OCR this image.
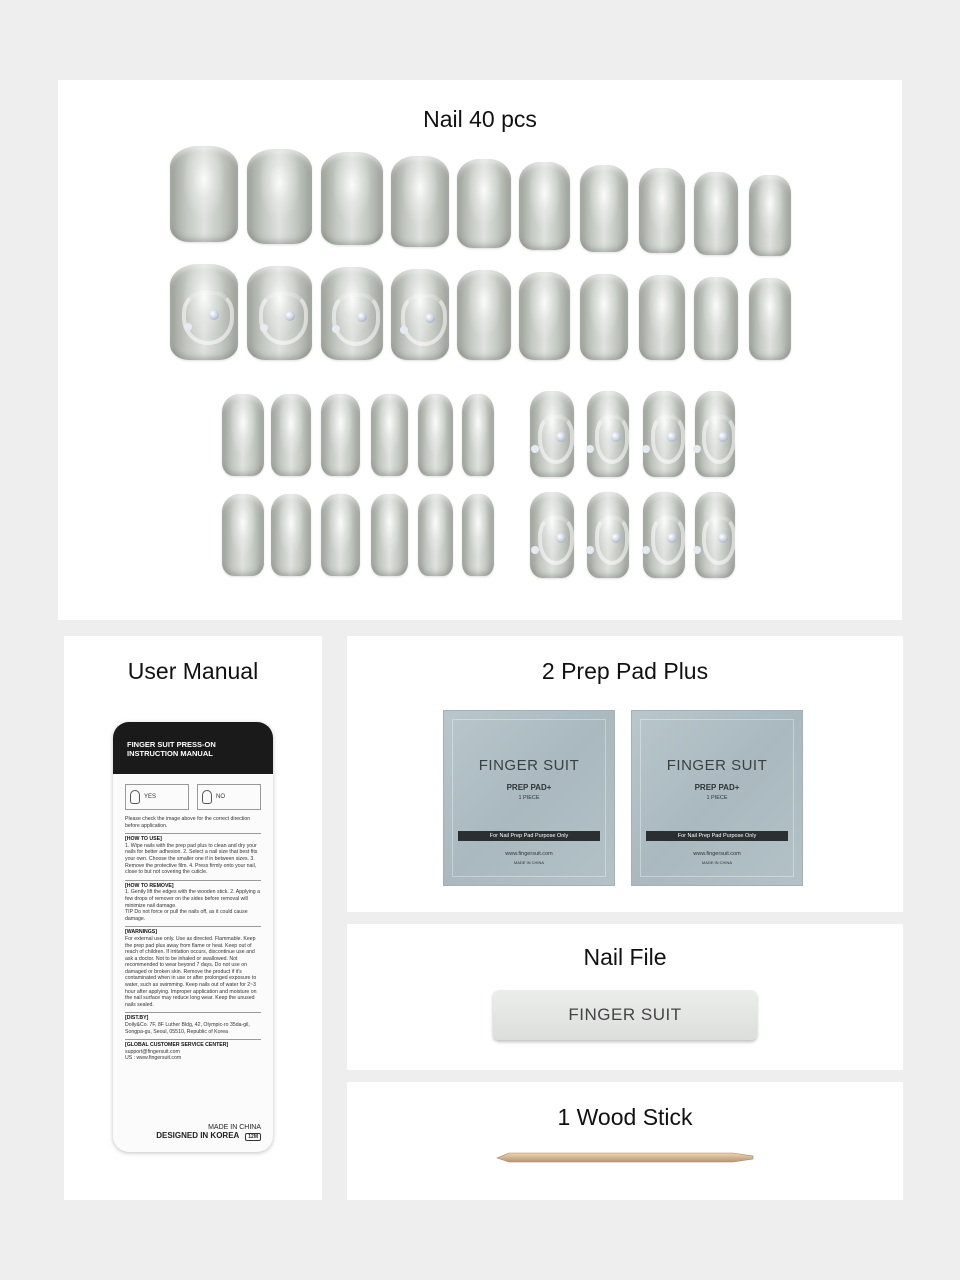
Nail 40 pcs
User Manual
FINGER SUIT PRESS-ON
INSTRUCTION MANUAL
YES	NO

Please check the image above for the correct direction before application.

[HOW TO USE]

1. Wipe nails with the prep pad plus to clean and dry your nails for better adhesion. 2. Select a nail size that best fits your own. Choose the smaller one if in between sizes. 3. Remove the protective film. 4. Press firmly onto your nail, close to but not covering the cuticle.

[HOW TO REMOVE]

1. Gently lift the edges with the wooden stick. 2. Applying a few drops of remover on the sides before removal will minimize nail damage.

TIP Do not force or pull the nails off, as it could cause damage.

[WARNINGS]

For external use only. Use as directed. Flammable. Keep the prep pad plus away from flame or heat. Keep out of reach of children. If irritation occurs, discontinue use and ask a doctor. Not to be inhaled or swallowed. Not recommended to wear beyond 7 days. Do not use on damaged or broken skin. Remove the product if it's contaminated when in use or after prolonged exposure to water, such as swimming. Keep nails out of water for 2~3 hour after applying. Improper application and moisture on the nail surface may reduce long wear. Keep the unused nails sealed.

[DIST.BY]

Dolly&Co. 7F, 8F Luther Bldg, 42, Olympic-ro 35da-gil, Songpa-gu, Seoul, 05510, Republic of Korea

[GLOBAL CUSTOMER SERVICE CENTER]

support@fingersuit.com

US : www.fingersuit.com

MADE IN CHINA
DESIGNED IN KOREA 12M
2 Prep Pad Plus
FINGER SUIT
PREP PAD+
1 PIECE
For Nail Prep Pad Purpose Only
www.fingersuit.com
MADE IN CHINA
FINGER SUIT
PREP PAD+
1 PIECE
For Nail Prep Pad Purpose Only
www.fingersuit.com
MADE IN CHINA
Nail File
FINGER SUIT
1 Wood Stick
